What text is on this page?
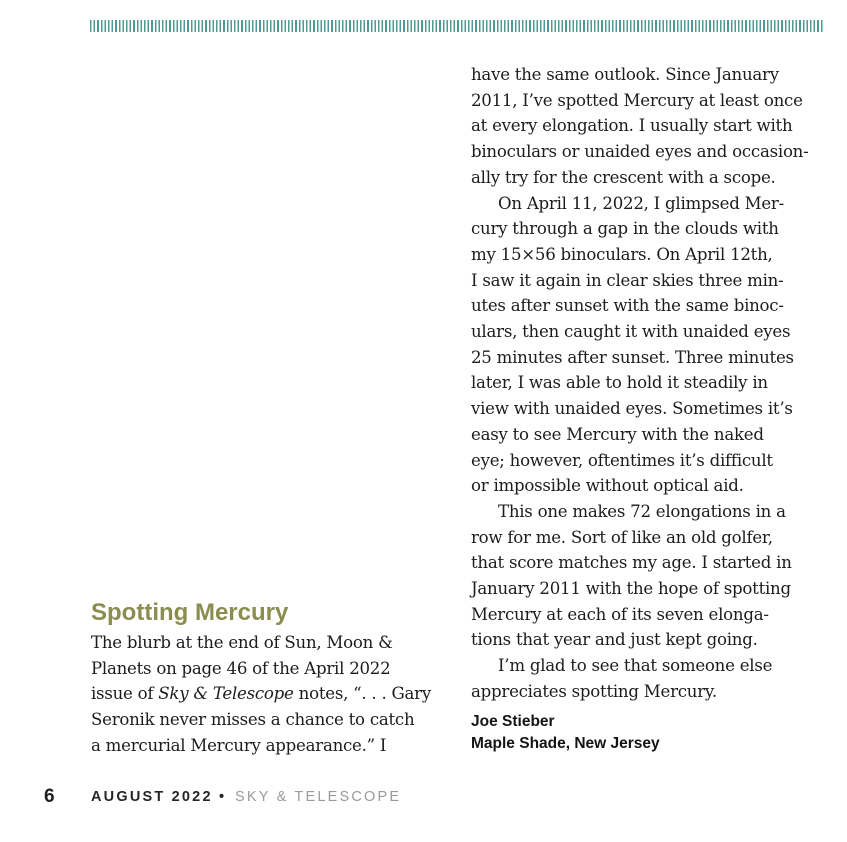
have the same outlook. Since January
2011, I’ve spotted Mercury at least once
at every elongation. I usually start with
binoculars or unaided eyes and occasion-
ally try for the crescent with a scope.
On April 11, 2022, I glimpsed Mer-
cury through a gap in the clouds with
my 15×56 binoculars. On April 12th,
I saw it again in clear skies three min-
utes after sunset with the same binoc-
ulars, then caught it with unaided eyes
25 minutes after sunset. Three minutes
later, I was able to hold it steadily in
view with unaided eyes. Sometimes it’s
easy to see Mercury with the naked
eye; however, oftentimes it’s difficult
or impossible without optical aid.
This one makes 72 elongations in a
row for me. Sort of like an old golfer,
that score matches my age. I started in
January 2011 with the hope of spotting
Mercury at each of its seven elonga-
tions that year and just kept going.
I’m glad to see that someone else
appreciates spotting Mercury.
Joe Stieber
Maple Shade, New Jersey
Spotting Mercury
The blurb at the end of Sun, Moon &
Planets on page 46 of the April 2022
issue of Sky & Telescope notes, “. . . Gary
Seronik never misses a chance to catch
a mercurial Mercury appearance.” I
6	AUGUST 2022 • SKY & TELESCOPE
